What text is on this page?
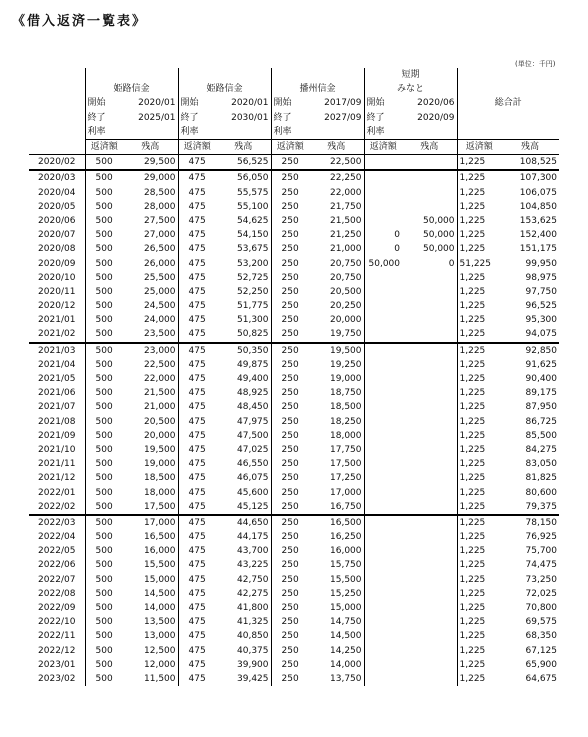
《借入返済一覧表》
(単位：千円)
							短期			
	姫路信金		姫路信金		播州信金		みなと		総合計	
	開始	2020/01	開始	2020/01	開始	2017/09	開始	2020/06		
	終了	2025/01	終了	2030/01	終了	2027/09	終了	2020/09		
	利率		利率		利率		利率			
	返済額	残高	返済額	残高	返済額	残高	返済額	残高	返済額	残高
2020/02	500	29,500	475	56,525	250	22,500			1,225	108,525
2020/03	500	29,000	475	56,050	250	22,250			1,225	107,300
2020/04	500	28,500	475	55,575	250	22,000			1,225	106,075
2020/05	500	28,000	475	55,100	250	21,750			1,225	104,850
2020/06	500	27,500	475	54,625	250	21,500		50,000	1,225	153,625
2020/07	500	27,000	475	54,150	250	21,250	0	50,000	1,225	152,400
2020/08	500	26,500	475	53,675	250	21,000	0	50,000	1,225	151,175
2020/09	500	26,000	475	53,200	250	20,750	50,000	0	51,225	99,950
2020/10	500	25,500	475	52,725	250	20,750			1,225	98,975
2020/11	500	25,000	475	52,250	250	20,500			1,225	97,750
2020/12	500	24,500	475	51,775	250	20,250			1,225	96,525
2021/01	500	24,000	475	51,300	250	20,000			1,225	95,300
2021/02	500	23,500	475	50,825	250	19,750			1,225	94,075
2021/03	500	23,000	475	50,350	250	19,500			1,225	92,850
2021/04	500	22,500	475	49,875	250	19,250			1,225	91,625
2021/05	500	22,000	475	49,400	250	19,000			1,225	90,400
2021/06	500	21,500	475	48,925	250	18,750			1,225	89,175
2021/07	500	21,000	475	48,450	250	18,500			1,225	87,950
2021/08	500	20,500	475	47,975	250	18,250			1,225	86,725
2021/09	500	20,000	475	47,500	250	18,000			1,225	85,500
2021/10	500	19,500	475	47,025	250	17,750			1,225	84,275
2021/11	500	19,000	475	46,550	250	17,500			1,225	83,050
2021/12	500	18,500	475	46,075	250	17,250			1,225	81,825
2022/01	500	18,000	475	45,600	250	17,000			1,225	80,600
2022/02	500	17,500	475	45,125	250	16,750			1,225	79,375
2022/03	500	17,000	475	44,650	250	16,500			1,225	78,150
2022/04	500	16,500	475	44,175	250	16,250			1,225	76,925
2022/05	500	16,000	475	43,700	250	16,000			1,225	75,700
2022/06	500	15,500	475	43,225	250	15,750			1,225	74,475
2022/07	500	15,000	475	42,750	250	15,500			1,225	73,250
2022/08	500	14,500	475	42,275	250	15,250			1,225	72,025
2022/09	500	14,000	475	41,800	250	15,000			1,225	70,800
2022/10	500	13,500	475	41,325	250	14,750			1,225	69,575
2022/11	500	13,000	475	40,850	250	14,500			1,225	68,350
2022/12	500	12,500	475	40,375	250	14,250			1,225	67,125
2023/01	500	12,000	475	39,900	250	14,000			1,225	65,900
2023/02	500	11,500	475	39,425	250	13,750			1,225	64,675
